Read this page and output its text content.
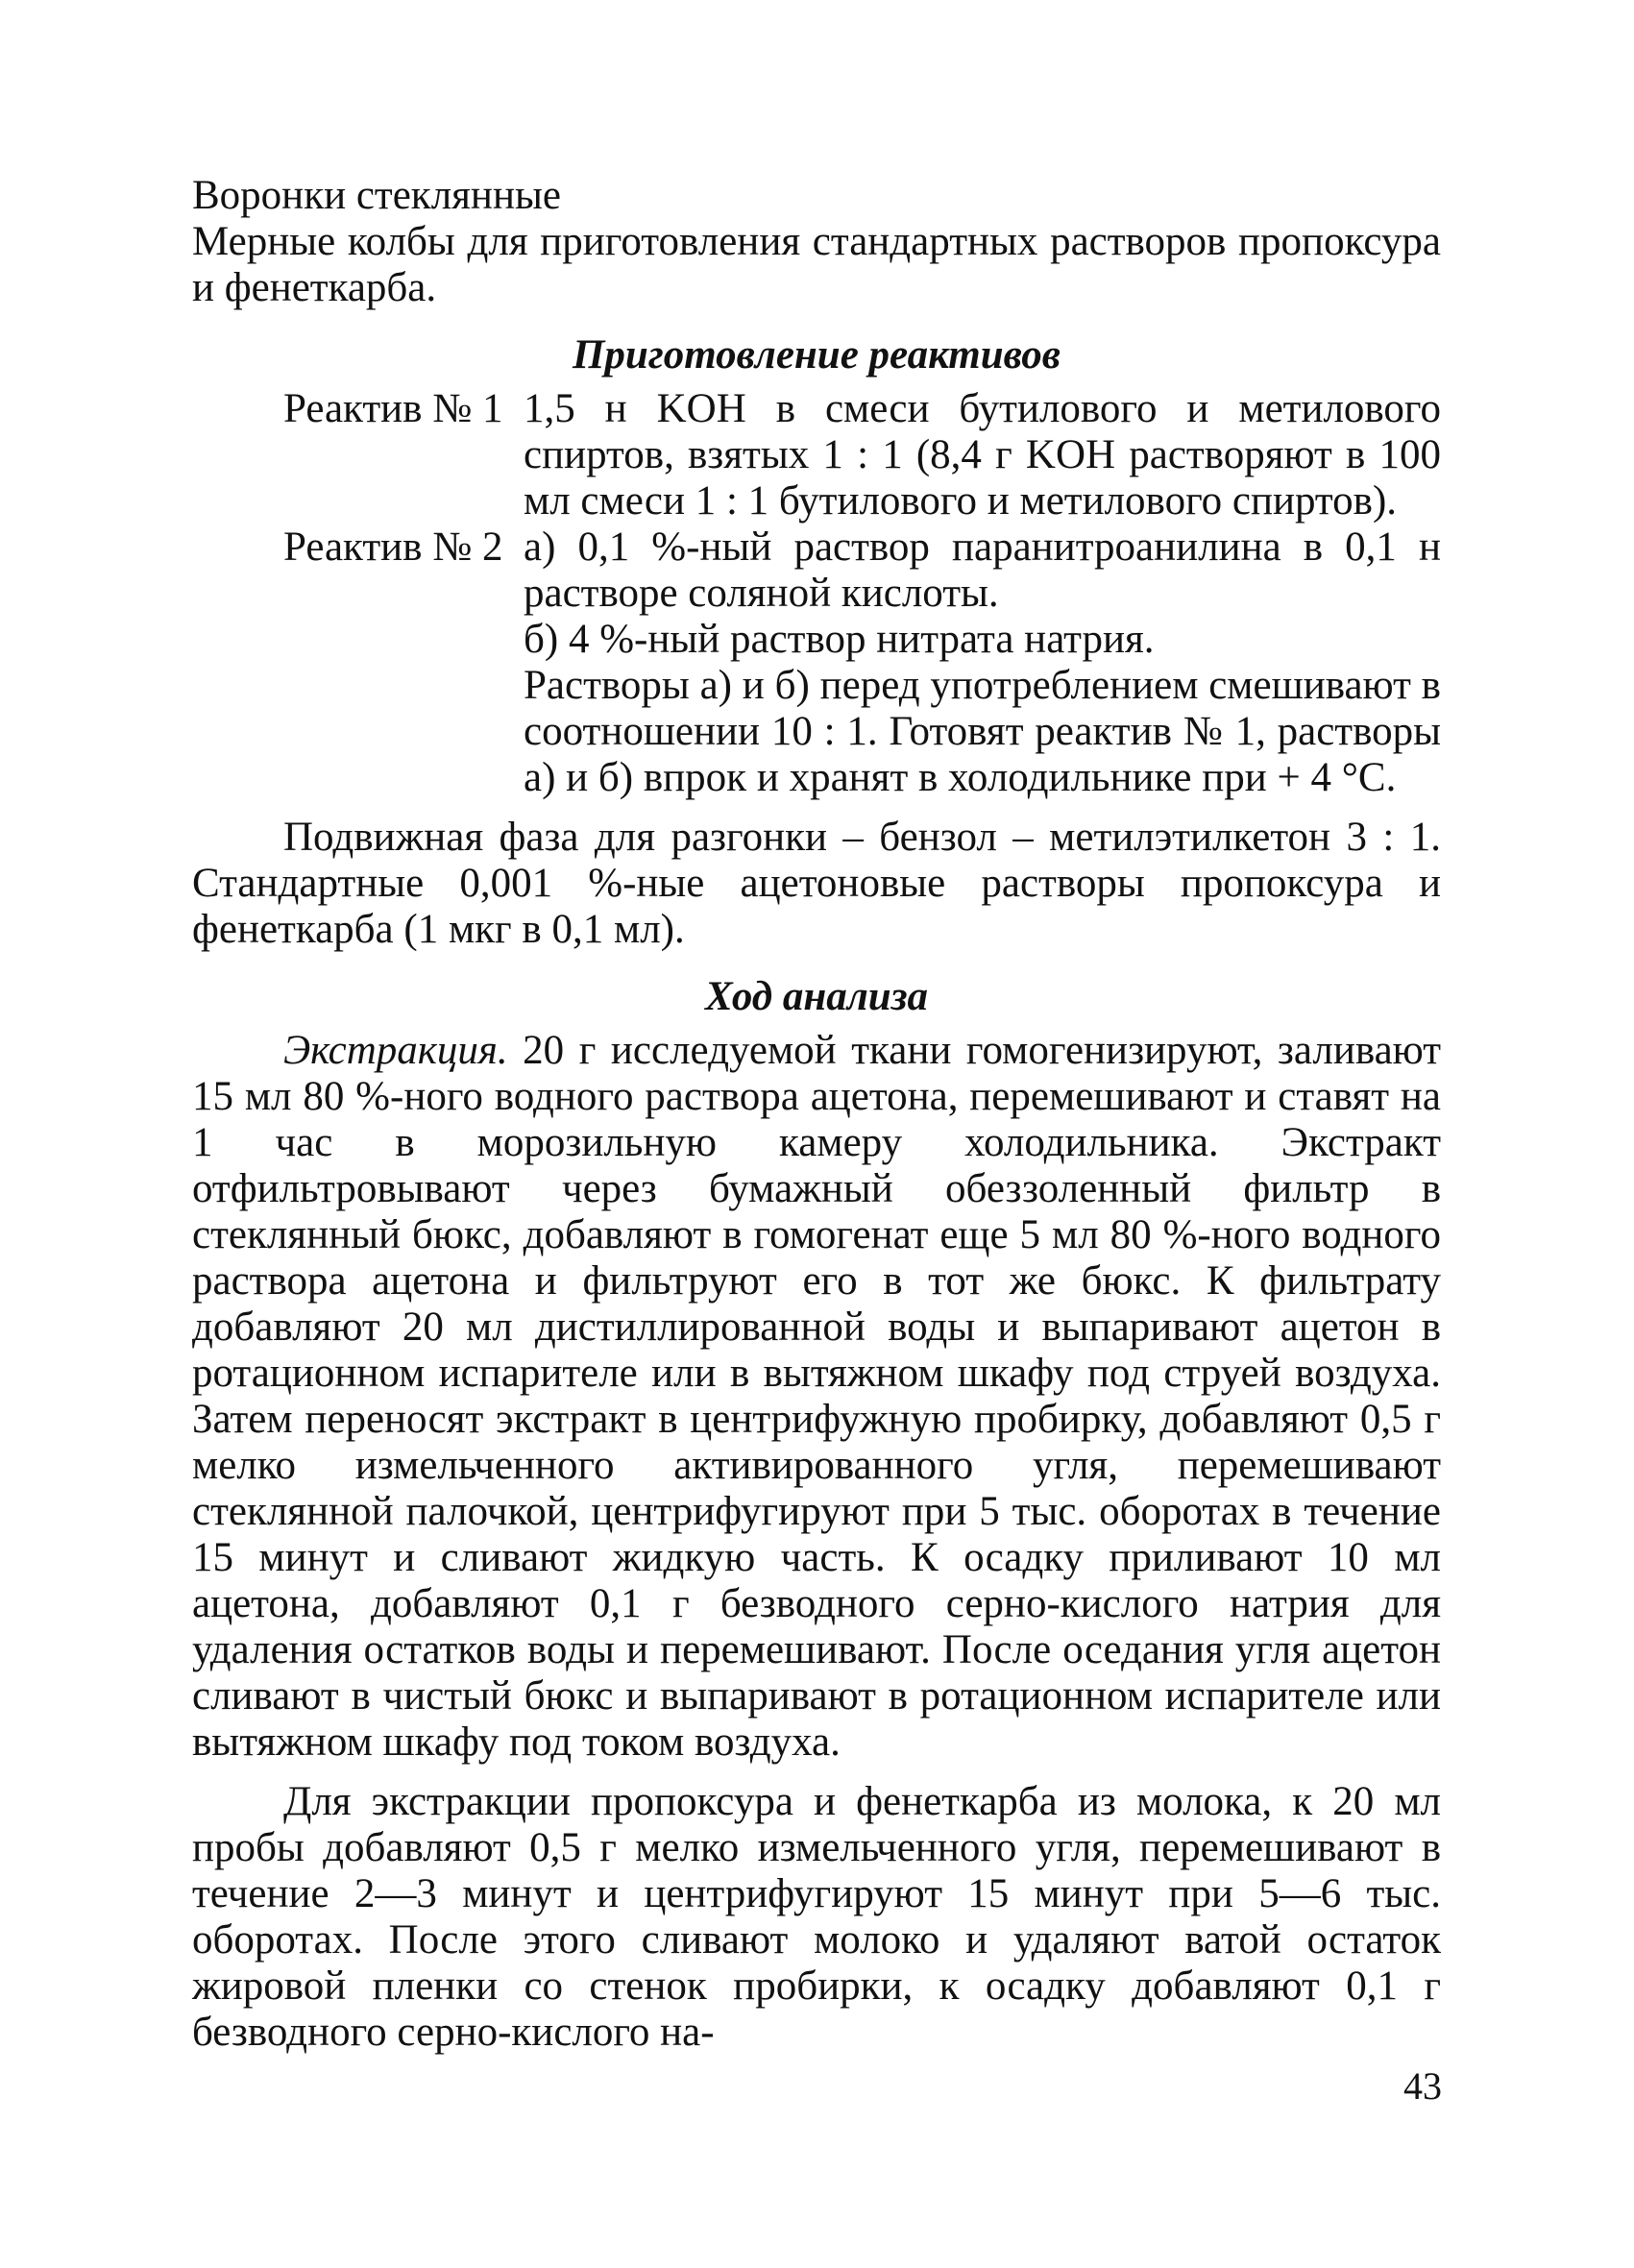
Воронки стеклянные
Мерные колбы для приготовления стандартных растворов пропоксура и фенеткарба.
Приготовление реактивов
Реактив № 1 1,5 н KOH в смеси бутилового и метилового спиртов, взятых 1 : 1 (8,4 г KOH растворяют в 100 мл смеси 1 : 1 бутилового и метилового спиртов).

Реактив № 2 а) 0,1 %-ный раствор паранитроанилина в 0,1 н растворе соляной кислоты.

б) 4 %-ный раствор нитрата натрия.

Растворы а) и б) перед употреблением смешивают в соотношении 10 : 1. Готовят реактив № 1, растворы а) и б) впрок и хранят в холодильнике при + 4 °С.

Подвижная фаза для разгонки – бензол – метилэтилкетон 3 : 1. Стандартные 0,001 %-ные ацетоновые растворы пропоксура и фенеткарба (1 мкг в 0,1 мл).

Ход анализа

Экстракция. 20 г исследуемой ткани гомогенизируют, заливают 15 мл 80 %-ного водного раствора ацетона, перемешивают и ставят на 1 час в морозильную камеру холодильника. Экстракт отфильтровывают через бумажный обеззоленный фильтр в стеклянный бюкс, добавляют в гомогенат еще 5 мл 80 %-ного водного раствора ацетона и фильтруют его в тот же бюкс. К фильтрату добавляют 20 мл дистиллированной воды и выпаривают ацетон в ротационном испарителе или в вытяжном шкафу под струей воздуха. Затем переносят экстракт в центрифужную пробирку, добавляют 0,5 г мелко измельченного активированного угля, перемешивают стеклянной палочкой, центрифугируют при 5 тыс. оборотах в течение 15 минут и сливают жидкую часть. К осадку приливают 10 мл ацетона, добавляют 0,1 г безводного серно-кислого натрия для удаления остатков воды и перемешивают. После оседания угля ацетон сливают в чистый бюкс и выпаривают в ротационном испарителе или вытяжном шкафу под током воздуха.

Для экстракции пропоксура и фенеткарба из молока, к 20 мл пробы добавляют 0,5 г мелко измельченного угля, перемешивают в течение 2—3 минут и центрифугируют 15 минут при 5—6 тыс. оборотах. После этого сливают молоко и удаляют ватой остаток жировой пленки со стенок пробирки, к осадку добавляют 0,1 г безводного серно-кислого на-

43
